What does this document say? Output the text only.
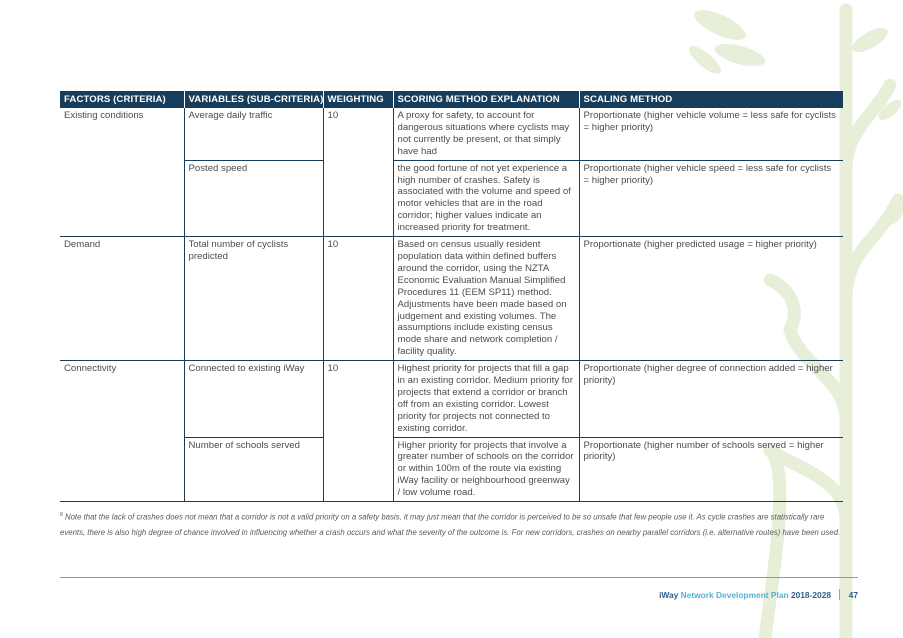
FACTORS (CRITERIA)	VARIABLES (SUB-CRITERIA)	WEIGHTING	SCORING METHOD EXPLANATION	SCALING METHOD
Existing conditions	Average daily traffic	10	A proxy for safety, to account for dangerous situations where cyclists may not currently be present, or that simply have had	Proportionate (higher vehicle volume = less safe for cyclists = higher priority)
	Posted speed		the good fortune of not yet experience a high number of crashes. Safety is associated with the volume and speed of motor vehicles that are in the road corridor; higher values indicate an increased priority for treatment.	Proportionate (higher vehicle speed = less safe for cyclists = higher priority)
Demand	Total number of cyclists predicted	10	Based on census usually resident population data within defined buffers around the corridor, using the NZTA Economic Evaluation Manual Simplified Procedures 11 (EEM SP11) method. Adjustments have been made based on judgement and existing volumes. The assumptions include existing census mode share and network completion / facility quality.	Proportionate (higher predicted usage = higher priority)
Connectivity	Connected to existing iWay	10	Highest priority for projects that fill a gap in an existing corridor. Medium priority for projects that extend a corridor or branch off from an existing corridor. Lowest priority for projects not connected to existing corridor.	Proportionate (higher degree of connection added = higher priority)
	Number of schools served		Higher priority for projects that involve a greater number of schools on the corridor or within 100m of the route via existing iWay facility or neighbourhood greenway / low volume road.	Proportionate (higher number of schools served = higher priority)

$^8$ Note that the lack of crashes does not mean that a corridor is not a valid priority on a safety basis, it may just mean that the corridor is perceived to be so unsafe that few people use it. As cycle crashes are statistically rare events, there is also high degree of chance involved in influencing whether a crash occurs and what the severity of the outcome is. For new corridors, crashes on nearby parallel corridors (i.e. alternative routes) have been used.

iWay Network Development Plan 2018-2028 47
